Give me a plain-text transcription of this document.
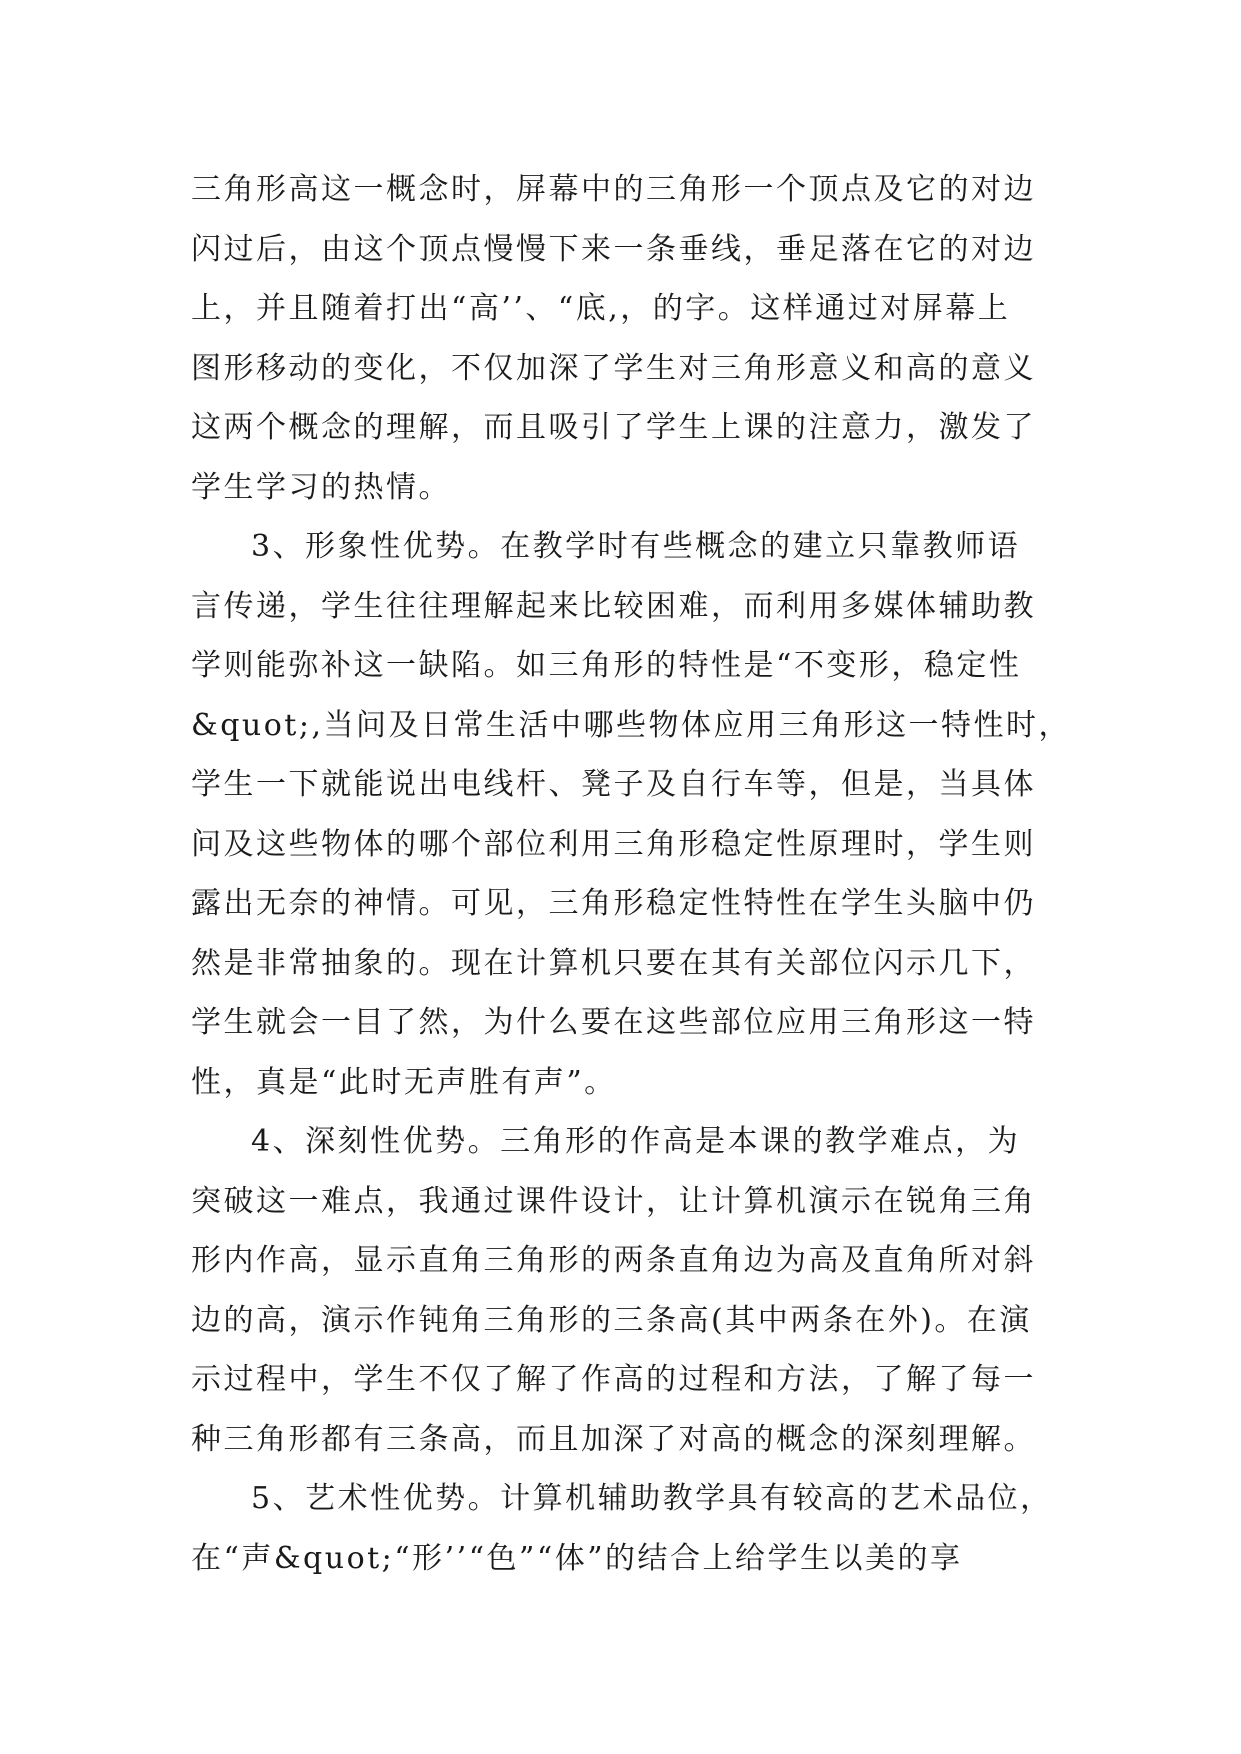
三角形高这一概念时，屏幕中的三角形一个顶点及它的对边
闪过后，由这个顶点慢慢下来一条垂线，垂足落在它的对边
上，并且随着打出“高’’、“底,，的字。这样通过对屏幕上
图形移动的变化，不仅加深了学生对三角形意义和高的意义
这两个概念的理解，而且吸引了学生上课的注意力，激发了
学生学习的热情。
3、形象性优势。在教学时有些概念的建立只靠教师语
言传递，学生往往理解起来比较困难，而利用多媒体辅助教
学则能弥补这一缺陷。如三角形的特性是“不变形，稳定性
&quot;,当问及日常生活中哪些物体应用三角形这一特性时，
学生一下就能说出电线杆、凳子及自行车等，但是，当具体
问及这些物体的哪个部位利用三角形稳定性原理时，学生则
露出无奈的神情。可见，三角形稳定性特性在学生头脑中仍
然是非常抽象的。现在计算机只要在其有关部位闪示几下，
学生就会一目了然，为什么要在这些部位应用三角形这一特
性，真是“此时无声胜有声”。
4、深刻性优势。三角形的作高是本课的教学难点，为
突破这一难点，我通过课件设计，让计算机演示在锐角三角
形内作高，显示直角三角形的两条直角边为高及直角所对斜
边的高，演示作钝角三角形的三条高(其中两条在外)。在演
示过程中，学生不仅了解了作高的过程和方法，了解了每一
种三角形都有三条高，而且加深了对高的概念的深刻理解。
5、艺术性优势。计算机辅助教学具有较高的艺术品位，
在“声&quot;“形’’“色”“体”的结合上给学生以美的享
